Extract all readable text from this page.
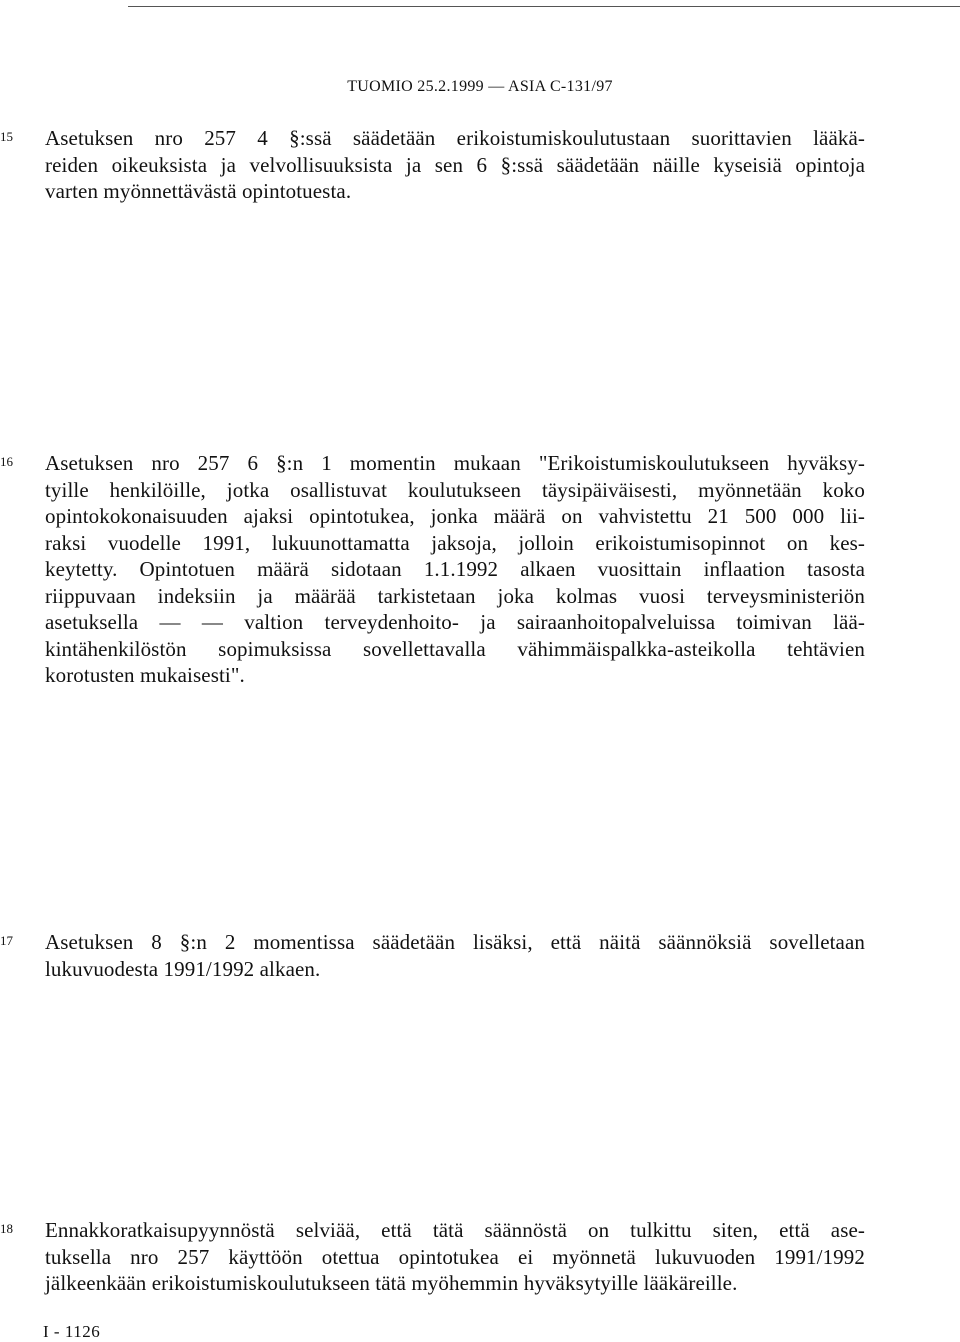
TUOMIO 25.2.1999 — ASIA C-131/97
15	Asetuksen nro 257 4 §:ssä säädetään erikoistumiskoulutustaan suorittavien lääkä-
reiden oikeuksista ja velvollisuuksista ja sen 6 §:ssä säädetään näille kyseisiä opintoja
varten myönnettävästä opintotuesta.
16	Asetuksen nro 257 6 §:n 1 momentin mukaan "Erikoistumiskoulutukseen hyväksy-
tyille henkilöille, jotka osallistuvat koulutukseen täysipäiväisesti, myönnetään koko
opintokokonaisuuden ajaksi opintotukea, jonka määrä on vahvistettu 21 500 000 lii-
raksi vuodelle 1991, lukuunottamatta jaksoja, jolloin erikoistumisopinnot on kes-
keytetty. Opintotuen määrä sidotaan 1.1.1992 alkaen vuosittain inflaation tasosta
riippuvaan indeksiin ja määrää tarkistetaan joka kolmas vuosi terveysministeriön
asetuksella — — valtion terveydenhoito- ja sairaanhoitopalveluissa toimivan lää-
kintähenkilöstön sopimuksissa sovellettavalla vähimmäispalkka-asteikolla tehtävien
korotusten mukaisesti".
17	Asetuksen 8 §:n 2 momentissa säädetään lisäksi, että näitä säännöksiä sovelletaan
lukuvuodesta 1991/1992 alkaen.
18	Ennakkoratkaisupyynnöstä selviää, että tätä säännöstä on tulkittu siten, että ase-
tuksella nro 257 käyttöön otettua opintotukea ei myönnetä lukuvuoden 1991/1992
jälkeenkään erikoistumiskoulutukseen tätä myöhemmin hyväksytyille lääkäreille.
I - 1126
